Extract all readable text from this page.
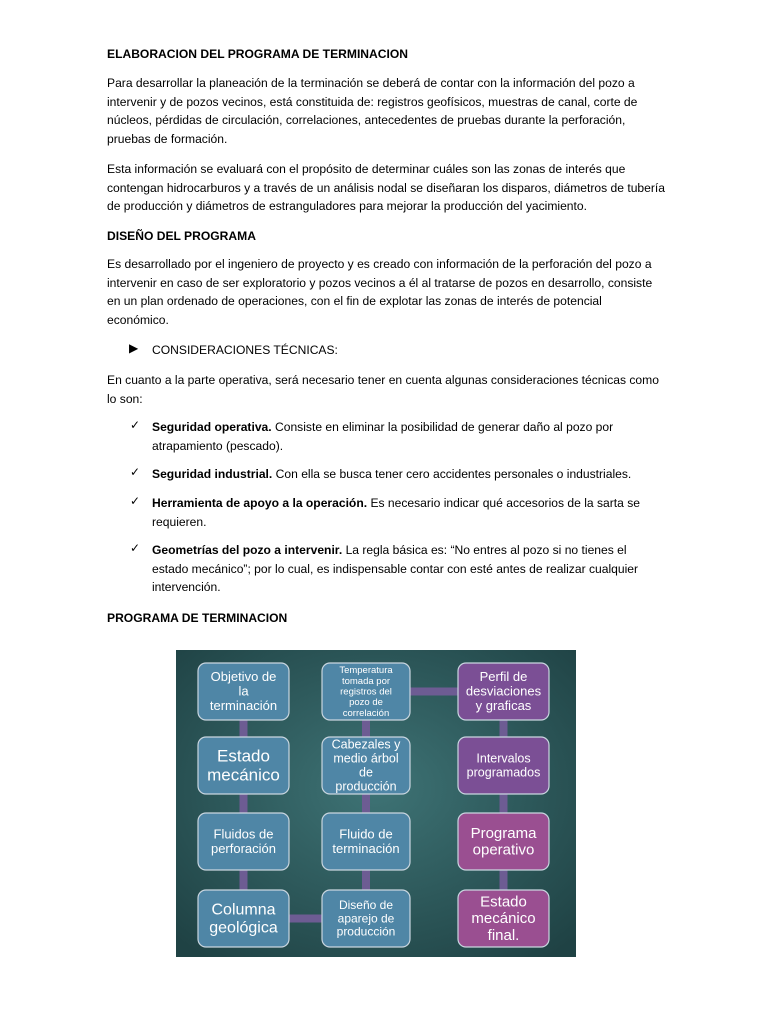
ELABORACION DEL PROGRAMA DE TERMINACION
Para desarrollar la planeación de la terminación se deberá de contar con la información del pozo a intervenir y de pozos vecinos, está constituida de: registros geofísicos, muestras de canal, corte de núcleos, pérdidas de circulación, correlaciones, antecedentes de pruebas durante la perforación, pruebas de formación.
Esta información se evaluará con el propósito de determinar cuáles son las zonas de interés que contengan hidrocarburos y a través de un análisis nodal se diseñaran los disparos, diámetros de tubería de producción y diámetros de estranguladores para mejorar la producción del yacimiento.
DISEÑO DEL PROGRAMA
Es desarrollado por el ingeniero de proyecto y es creado con información de la perforación del pozo a intervenir en caso de ser exploratorio y pozos vecinos a él al tratarse de pozos en desarrollo, consiste en un plan ordenado de operaciones, con el fin de explotar las zonas de interés de potencial económico.
▶ CONSIDERACIONES TÉCNICAS:
En cuanto a la parte operativa, será necesario tener en cuenta algunas consideraciones técnicas como lo son:
✓ Seguridad operativa. Consiste en eliminar la posibilidad de generar daño al pozo por atrapamiento (pescado).
✓ Seguridad industrial. Con ella se busca tener cero accidentes personales o industriales.
✓ Herramienta de apoyo a la operación. Es necesario indicar qué accesorios de la sarta se requieren.
✓ Geometrías del pozo a intervenir. La regla básica es: “No entres al pozo si no tienes el estado mecánico”; por lo cual, es indispensable contar con esté antes de realizar cualquier intervención.
PROGRAMA DE TERMINACION
Objetivo de
la
terminación
Estado
mecánico
Fluidos de
perforación
Columna
geológica
Temperatura
tomada por
registros del
pozo de
correlación
Cabezales y
medio árbol
de
producción
Fluido de
terminación
Diseño de
aparejo de
producción
Perfil de
desviaciones
y graficas
Intervalos
programados
Programa
operativo
Estado
mecánico
final.
